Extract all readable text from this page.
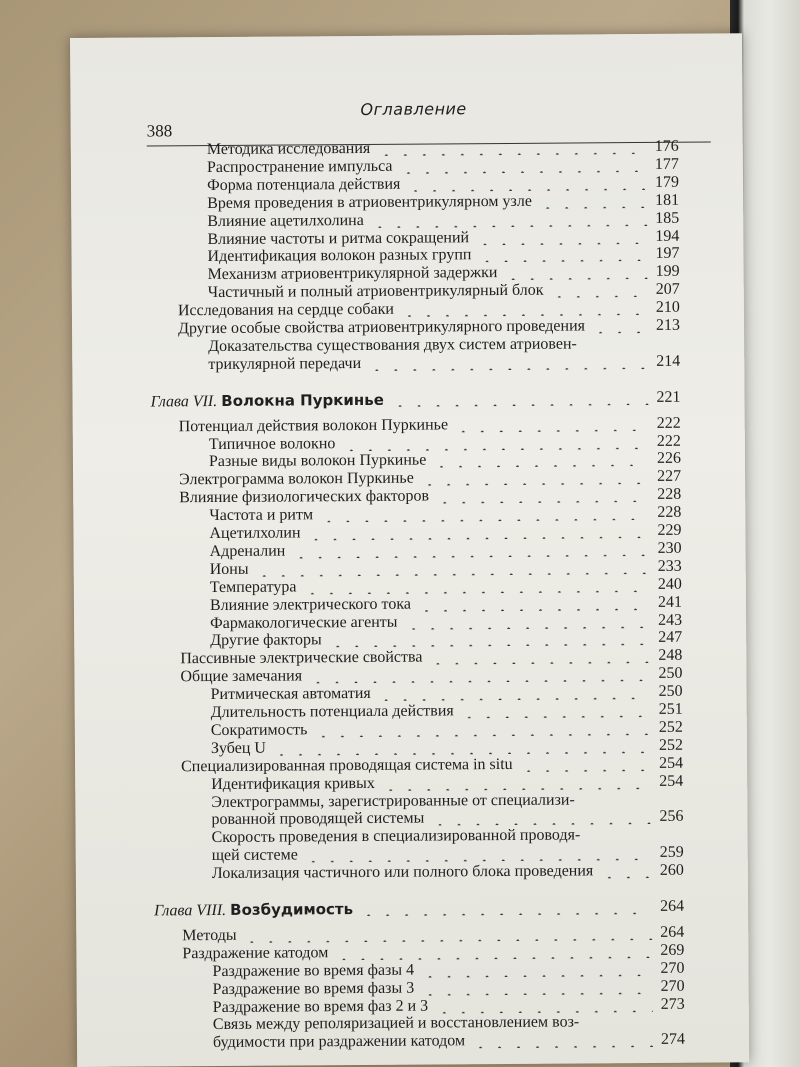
Оглавление
388
Методика исследования	176
Распространение импульса	177
Форма потенциала действия	179
Время проведения в атриовентрикулярном узле	181
Влияние ацетилхолина	185
Влияние частоты и ритма сокращений	194
Идентификация волокон разных групп	197
Механизм атриовентрикулярной задержки	199
Частичный и полный атриовентрикулярный блок	207
Исследования на сердце собаки	210
Другие особые свойства атриовентрикулярного проведения	213
Доказательства существования двух систем атриовен-
трикулярной передачи	214
Глава VII. Волокна Пуркинье	221
Потенциал действия волокон Пуркинье	222
Типичное волокно	222
Разные виды волокон Пуркинье	226
Электрограмма волокон Пуркинье	227
Влияние физиологических факторов	228
Частота и ритм	228
Ацетилхолин	229
Адреналин	230
Ионы	233
Температура	240
Влияние электрического тока	241
Фармакологические агенты	243
Другие факторы	247
Пассивные электрические свойства	248
Общие замечания	250
Ритмическая автоматия	250
Длительность потенциала действия	251
Сократимость	252
Зубец U	252
Специализированная проводящая система in situ	254
Идентификация кривых	254
Электрограммы, зарегистрированные от специализи-
рованной проводящей системы	256
Скорость проведения в специализированной проводя-
щей системе	259
Локализация частичного или полного блока проведения	260
Глава VIII. Возбудимость	264
Методы	264
Раздражение катодом	269
Раздражение во время фазы 4	270
Раздражение во время фазы 3	270
Раздражение во время фаз 2 и 3	273
Связь между реполяризацией и восстановлением воз-
будимости при раздражении катодом	274
